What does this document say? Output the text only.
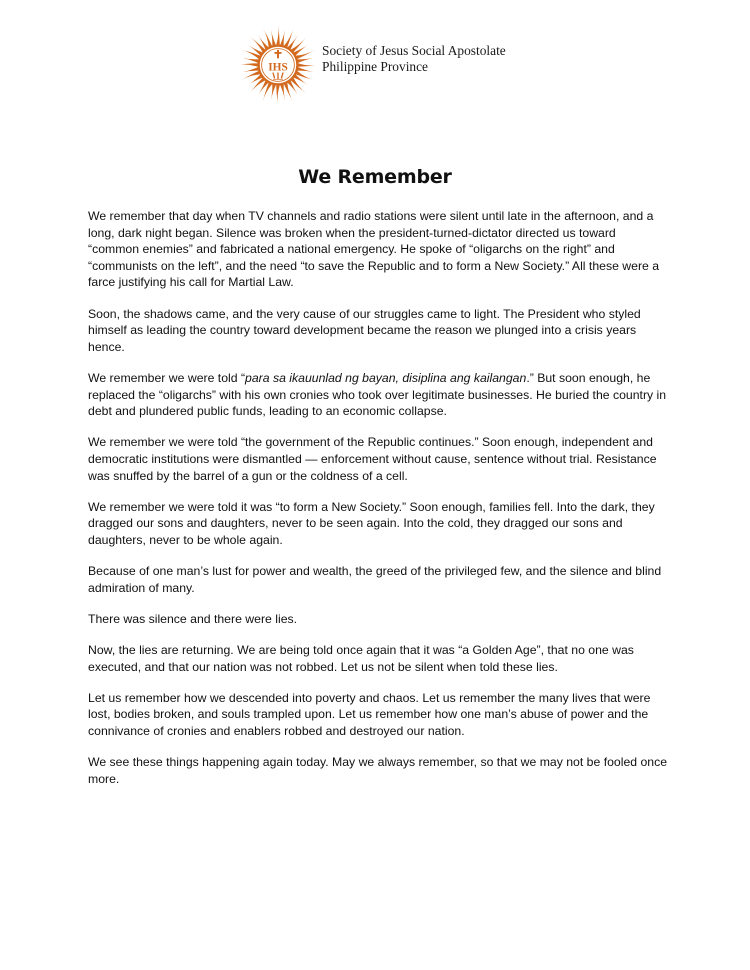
IHS
Society of Jesus Social Apostolate
Philippine Province
We Remember

We remember that day when TV channels and radio stations were silent until late in the afternoon, and a long, dark night began. Silence was broken when the president-turned-dictator directed us toward “common enemies” and fabricated a national emergency. He spoke of “oligarchs on the right” and “communists on the left”, and the need “to save the Republic and to form a New Society.” All these were a farce justifying his call for Martial Law.

Soon, the shadows came, and the very cause of our struggles came to light. The President who styled himself as leading the country toward development became the reason we plunged into a crisis years hence.

We remember we were told “para sa ikauunlad ng bayan, disiplina ang kailangan.” But soon enough, he replaced the “oligarchs” with his own cronies who took over legitimate businesses. He buried the country in debt and plundered public funds, leading to an economic collapse.

We remember we were told “the government of the Republic continues.” Soon enough, independent and democratic institutions were dismantled — enforcement without cause, sentence without trial. Resistance was snuffed by the barrel of a gun or the coldness of a cell.

We remember we were told it was “to form a New Society.” Soon enough, families fell. Into the dark, they dragged our sons and daughters, never to be seen again. Into the cold, they dragged our sons and daughters, never to be whole again.

Because of one man’s lust for power and wealth, the greed of the privileged few, and the silence and blind admiration of many.

There was silence and there were lies.

Now, the lies are returning. We are being told once again that it was “a Golden Age”, that no one was executed, and that our nation was not robbed. Let us not be silent when told these lies.

Let us remember how we descended into poverty and chaos. Let us remember the many lives that were lost, bodies broken, and souls trampled upon. Let us remember how one man’s abuse of power and the connivance of cronies and enablers robbed and destroyed our nation.

We see these things happening again today. May we always remember, so that we may not be fooled once more.
